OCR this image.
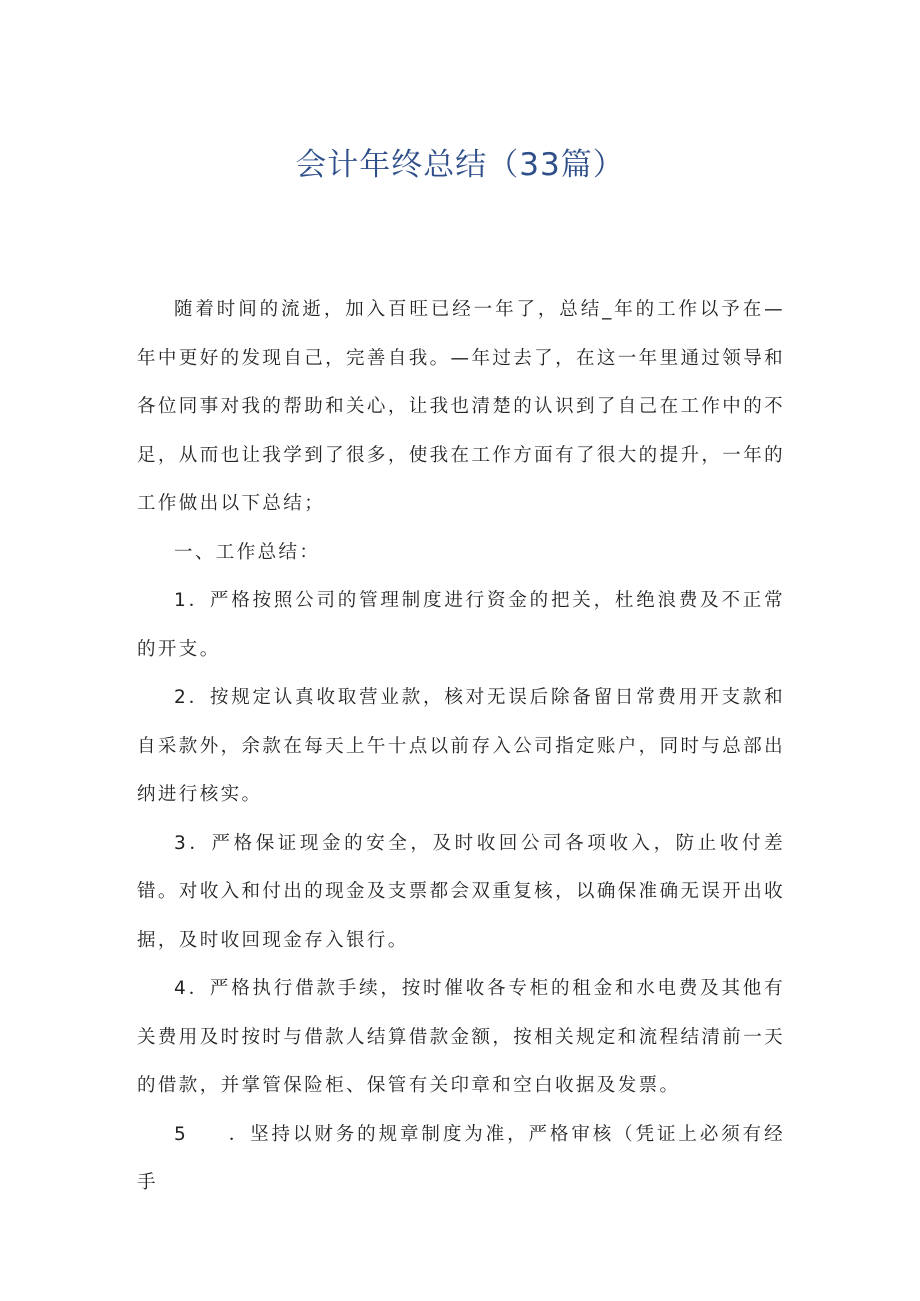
会计年终总结（33篇）

随着时间的流逝，加入百旺已经一年了，总结_年的工作以予在—年中更好的发现自己，完善自我。—年过去了，在这一年里通过领导和各位同事对我的帮助和关心，让我也清楚的认识到了自己在工作中的不足，从而也让我学到了很多，使我在工作方面有了很大的提升，一年的工作做出以下总结；

一、工作总结：

1．严格按照公司的管理制度进行资金的把关，杜绝浪费及不正常的开支。

2．按规定认真收取营业款，核对无误后除备留日常费用开支款和自采款外，余款在每天上午十点以前存入公司指定账户，同时与总部出纳进行核实。

3．严格保证现金的安全，及时收回公司各项收入，防止收付差错。对收入和付出的现金及支票都会双重复核，以确保准确无误开出收据，及时收回现金存入银行。

4．严格执行借款手续，按时催收各专柜的租金和水电费及其他有关费用及时按时与借款人结算借款金额，按相关规定和流程结清前一天的借款，并掌管保险柜、保管有关印章和空白收据及发票。

5 ．坚持以财务的规章制度为准，严格审核（凭证上必须有经手
